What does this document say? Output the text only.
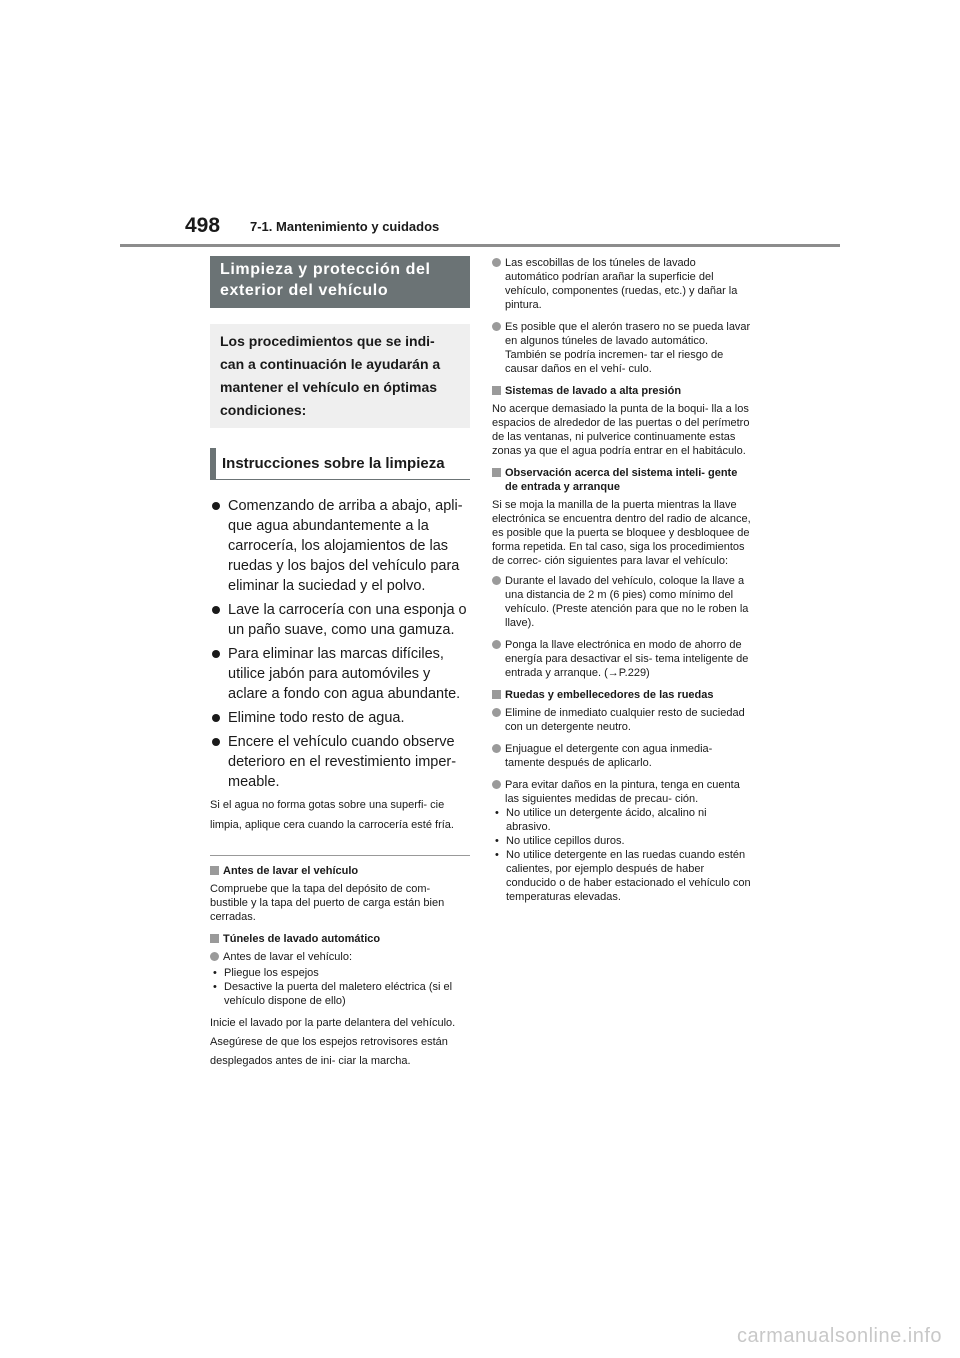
498 7-1. Mantenimiento y cuidados

Limpieza y protección del exterior del vehículo

Los procedimientos que se indi- can a continuación le ayudarán a mantener el vehículo en óptimas condiciones:

Instrucciones sobre la limpieza
Comenzando de arriba a abajo, apli- que agua abundantemente a la carrocería, los alojamientos de las ruedas y los bajos del vehículo para eliminar la suciedad y el polvo.
Lave la carrocería con una esponja o un paño suave, como una gamuza.
Para eliminar las marcas difíciles, utilice jabón para automóviles y aclare a fondo con agua abundante.
Elimine todo resto de agua.
Encere el vehículo cuando observe deterioro en el revestimiento imper- meable.

Si el agua no forma gotas sobre una superfi- cie limpia, aplique cera cuando la carrocería esté fría.

Antes de lavar el vehículo

Compruebe que la tapa del depósito de com- bustible y la tapa del puerto de carga están bien cerradas.

Túneles de lavado automático
Antes de lavar el vehículo:
• Pliegue los espejos
• Desactive la puerta del maletero eléctrica (si el vehículo dispone de ello)

Inicie el lavado por la parte delantera del vehículo. Asegúrese de que los espejos retrovisores están desplegados antes de ini- ciar la marcha.

Las escobillas de los túneles de lavado automático podrían arañar la superficie del vehículo, componentes (ruedas, etc.) y dañar la pintura.
Es posible que el alerón trasero no se pueda lavar en algunos túneles de lavado automático. También se podría incremen- tar el riesgo de causar daños en el vehí- culo.
Sistemas de lavado a alta presión

No acerque demasiado la punta de la boqui- lla a los espacios de alrededor de las puertas o del perímetro de las ventanas, ni pulverice continuamente estas zonas ya que el agua podría entrar en el habitáculo.

Observación acerca del sistema inteli- gente de entrada y arranque

Si se moja la manilla de la puerta mientras la llave electrónica se encuentra dentro del radio de alcance, es posible que la puerta se bloquee y desbloquee de forma repetida. En tal caso, siga los procedimientos de correc- ción siguientes para lavar el vehículo:

Durante el lavado del vehículo, coloque la llave a una distancia de 2 m (6 pies) como mínimo del vehículo. (Preste atención para que no le roben la llave).
Ponga la llave electrónica en modo de ahorro de energía para desactivar el sis- tema inteligente de entrada y arranque. (→P.229)
Ruedas y embellecedores de las ruedas
Elimine de inmediato cualquier resto de suciedad con un detergente neutro.
Enjuague el detergente con agua inmedia- tamente después de aplicarlo.
Para evitar daños en la pintura, tenga en cuenta las siguientes medidas de precau- ción.
• No utilice un detergente ácido, alcalino ni abrasivo.
• No utilice cepillos duros.
• No utilice detergente en las ruedas cuando estén calientes, por ejemplo después de haber conducido o de haber estacionado el vehículo con temperaturas elevadas.

carmanualsonline.info
